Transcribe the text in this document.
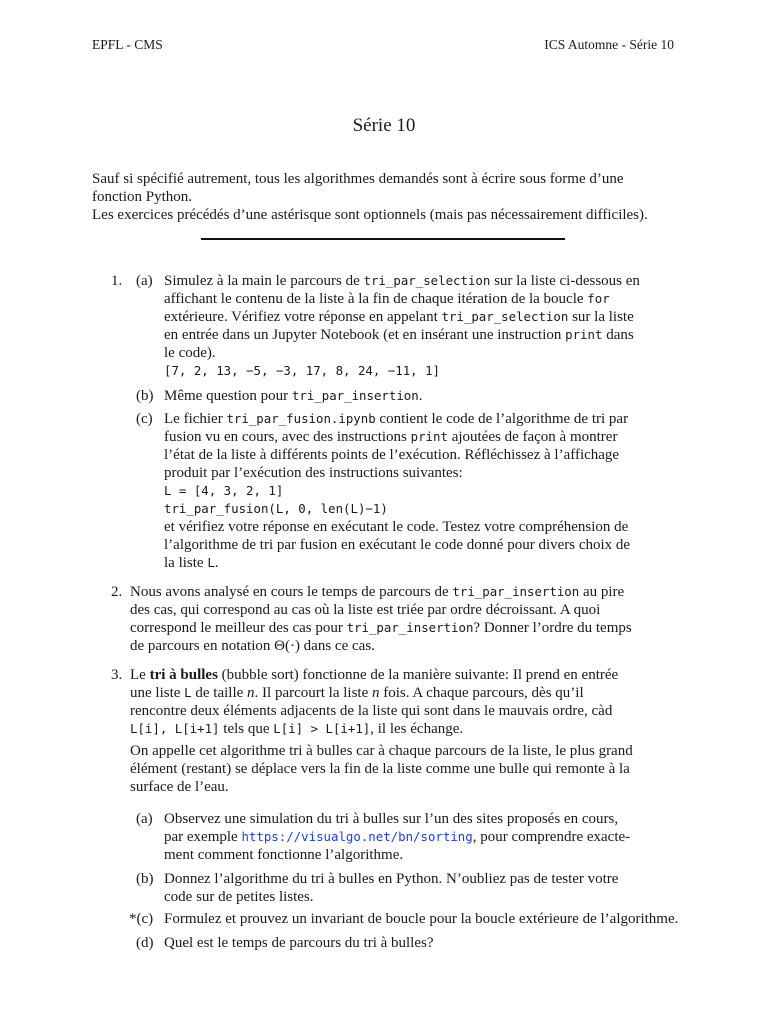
EPFL - CMS	ICS Automne - Série 10
Série 10
Sauf si spécifié autrement, tous les algorithmes demandés sont à écrire sous forme d’une
fonction Python.
Les exercices précédés d’une astérisque sont optionnels (mais pas nécessairement difficiles).
1. (a) Simulez à la main le parcours de tri_par_selection sur la liste ci-dessous en
affichant le contenu de la liste à la fin de chaque itération de la boucle for
extérieure. Vérifiez votre réponse en appelant tri_par_selection sur la liste
en entrée dans un Jupyter Notebook (et en insérant une instruction print dans
le code).
[7, 2, 13, −5, −3, 17, 8, 24, −11, 1]
(b) Même question pour tri_par_insertion.
(c) Le fichier tri_par_fusion.ipynb contient le code de l’algorithme de tri par
fusion vu en cours, avec des instructions print ajoutées de façon à montrer
l’état de la liste à différents points de l’exécution. Réfléchissez à l’affichage
produit par l’exécution des instructions suivantes:
L = [4, 3, 2, 1]
tri_par_fusion(L, 0, len(L)−1)
et vérifiez votre réponse en exécutant le code. Testez votre compréhension de
l’algorithme de tri par fusion en exécutant le code donné pour divers choix de
la liste L.
2. Nous avons analysé en cours le temps de parcours de tri_par_insertion au pire
des cas, qui correspond au cas où la liste est triée par ordre décroissant. A quoi
correspond le meilleur des cas pour tri_par_insertion? Donner l’ordre du temps
de parcours en notation Θ(·) dans ce cas.
3. Le tri à bulles (bubble sort) fonctionne de la manière suivante: Il prend en entrée
une liste L de taille n. Il parcourt la liste n fois. A chaque parcours, dès qu’il
rencontre deux éléments adjacents de la liste qui sont dans le mauvais ordre, càd
L[i], L[i+1] tels que L[i] > L[i+1], il les échange.
On appelle cet algorithme tri à bulles car à chaque parcours de la liste, le plus grand
élément (restant) se déplace vers la fin de la liste comme une bulle qui remonte à la
surface de l’eau.
(a) Observez une simulation du tri à bulles sur l’un des sites proposés en cours,
par exemple https://visualgo.net/bn/sorting, pour comprendre exacte-
ment comment fonctionne l’algorithme.
(b) Donnez l’algorithme du tri à bulles en Python. N’oubliez pas de tester votre
code sur de petites listes.
*(c) Formulez et prouvez un invariant de boucle pour la boucle extérieure de l’algorithme.
(d) Quel est le temps de parcours du tri à bulles?
